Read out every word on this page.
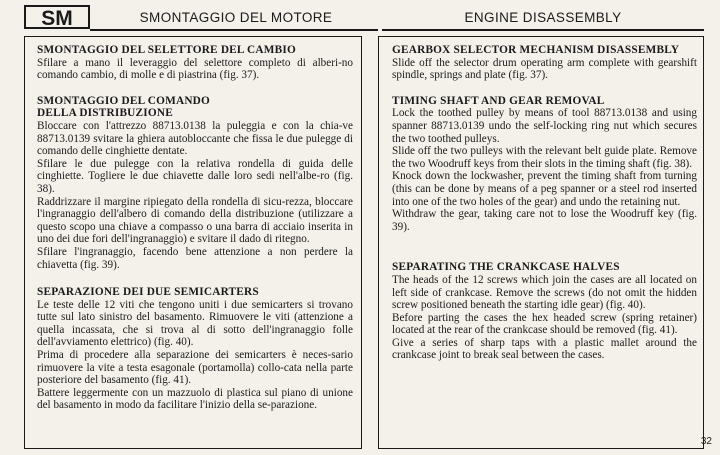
SM	SMONTAGGIO DEL MOTORE	ENGINE DISASSEMBLY

SMONTAGGIO DEL SELETTORE DEL CAMBIO

Sfilare a mano il leveraggio del selettore completo di alberi-no comando cambio, di molle e di piastrina (fig. 37).

SMONTAGGIO DEL COMANDO

DELLA DISTRIBUZIONE

Bloccare con l'attrezzo 88713.0138 la puleggia e con la chia-ve 88713.0139 svitare la ghiera autobloccante che fissa le due pulegge di comando delle cinghiette dentate.

Sfilare le due pulegge con la relativa rondella di guida delle cinghiette. Togliere le due chiavette dalle loro sedi nell'albe-ro (fig. 38).

Raddrizzare il margine ripiegato della rondella di sicu-rezza, bloccare l'ingranaggio dell'albero di comando della distribuzione (utilizzare a questo scopo una chiave a compasso o una barra di acciaio inserita in uno dei due fori dell'ingranaggio) e svitare il dado di ritegno.

Sfilare l'ingranaggio, facendo bene attenzione a non perdere la chiavetta (fig. 39).

SEPARAZIONE DEI DUE SEMICARTERS

Le teste delle 12 viti che tengono uniti i due semicarters si trovano tutte sul lato sinistro del basamento. Rimuovere le viti (attenzione a quella incassata, che si trova al di sotto dell'ingranaggio folle dell'avviamento elettrico) (fig. 40).

Prima di procedere alla separazione dei semicarters è neces-sario rimuovere la vite a testa esagonale (portamolla) collo-cata nella parte posteriore del basamento (fig. 41).

Battere leggermente con un mazzuolo di plastica sul piano di unione del basamento in modo da facilitare l'inizio della se-parazione.

GEARBOX SELECTOR MECHANISM DISASSEMBLY

Slide off the selector drum operating arm complete with gearshift spindle, springs and plate (fig. 37).

TIMING SHAFT AND GEAR REMOVAL

Lock the toothed pulley by means of tool 88713.0138 and using spanner 88713.0139 undo the self-locking ring nut which secures the two toothed pulleys.

Slide off the two pulleys with the relevant belt guide plate. Remove the two Woodruff keys from their slots in the timing shaft (fig. 38).

Knock down the lockwasher, prevent the timing shaft from turning (this can be done by means of a peg spanner or a steel rod inserted into one of the two holes of the gear) and undo the retaining nut.

Withdraw the gear, taking care not to lose the Woodruff key (fig. 39).

SEPARATING THE CRANKCASE HALVES

The heads of the 12 screws which join the cases are all located on left side of crankcase. Remove the screws (do not omit the hidden screw positioned beneath the starting idle gear) (fig. 40).

Before parting the cases the hex headed screw (spring retainer) located at the rear of the crankcase should be removed (fig. 41).

Give a series of sharp taps with a plastic mallet around the crankcase joint to break seal between the cases.

32
